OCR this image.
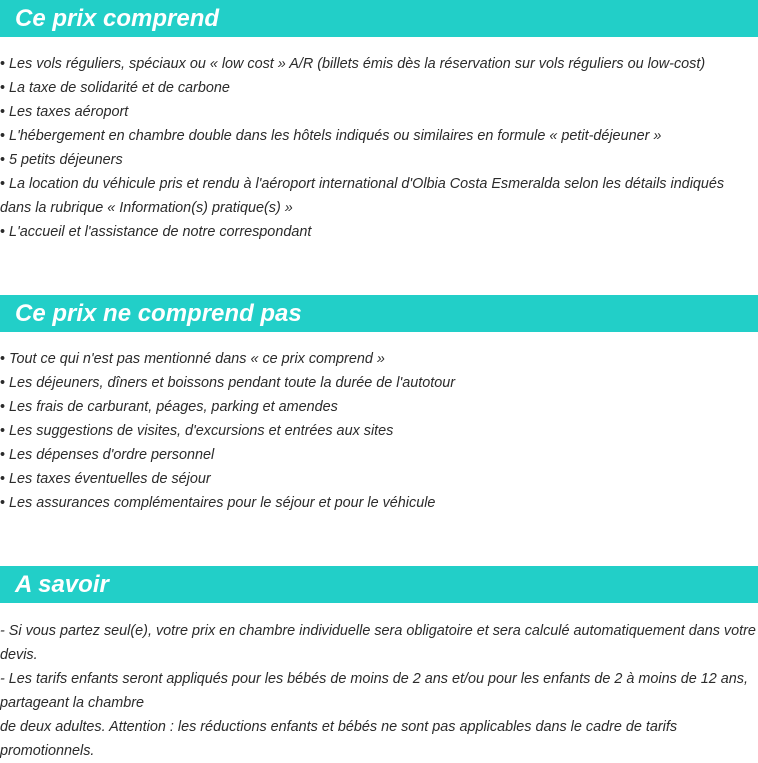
Ce prix comprend
• Les vols réguliers, spéciaux ou « low cost » A/R (billets émis dès la réservation sur vols réguliers ou low-cost)
• La taxe de solidarité et de carbone
• Les taxes aéroport
• L'hébergement en chambre double dans les hôtels indiqués ou similaires en formule « petit-déjeuner »
• 5 petits déjeuners
• La location du véhicule pris et rendu à l'aéroport international d'Olbia Costa Esmeralda selon les détails indiqués dans la rubrique « Information(s) pratique(s) »
• L'accueil et l'assistance de notre correspondant
Ce prix ne comprend pas
• Tout ce qui n'est pas mentionné dans « ce prix comprend »
• Les déjeuners, dîners et boissons pendant toute la durée de l'autotour
• Les frais de carburant, péages, parking et amendes
• Les suggestions de visites, d'excursions et entrées aux sites
• Les dépenses d'ordre personnel
• Les taxes éventuelles de séjour
• Les assurances complémentaires pour le séjour et pour le véhicule
A savoir
- Si vous partez seul(e), votre prix en chambre individuelle sera obligatoire et sera calculé automatiquement dans votre devis.
- Les tarifs enfants seront appliqués pour les bébés de moins de 2 ans et/ou pour les enfants de 2 à moins de 12 ans, partageant la chambre
de deux adultes. Attention : les réductions enfants et bébés ne sont pas applicables dans le cadre de tarifs promotionnels.
